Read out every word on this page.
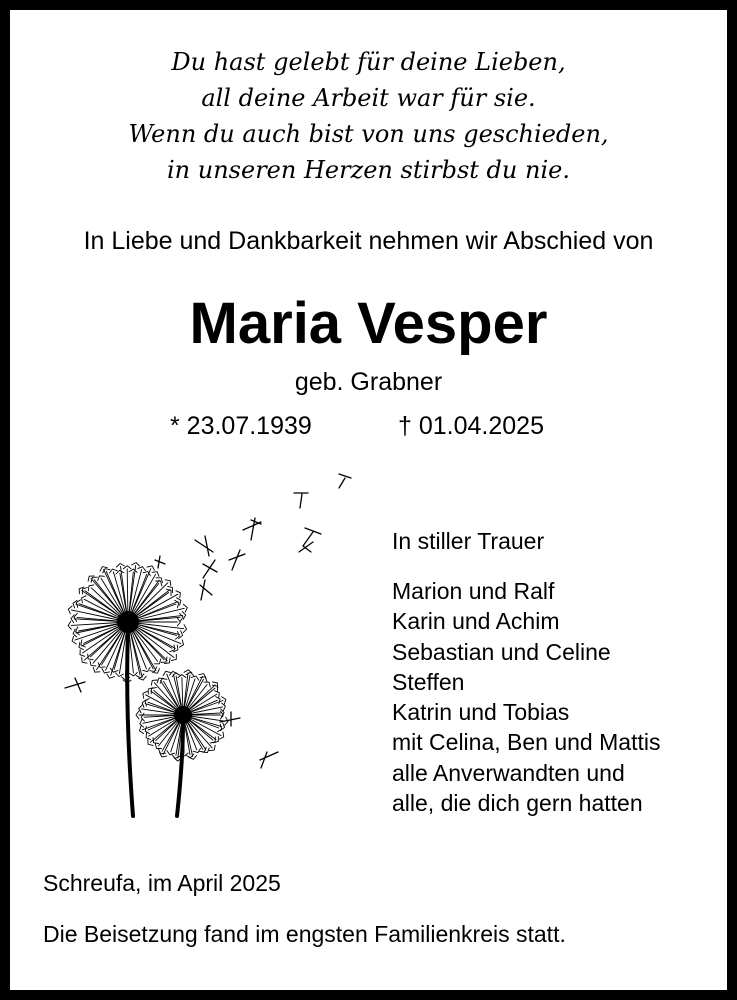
Du hast gelebt für deine Lieben,
all deine Arbeit war für sie.
Wenn du auch bist von uns geschieden,
in unseren Herzen stirbst du nie.
In Liebe und Dankbarkeit nehmen wir Abschied von
Maria Vesper
geb. Grabner
* 23.07.1939	† 01.04.2025
In stiller Trauer
Marion und Ralf
Karin und Achim
Sebastian und Celine
Steffen
Katrin und Tobias
mit Celina, Ben und Mattis
alle Anverwandten und
alle, die dich gern hatten
Schreufa, im April 2025
Die Beisetzung fand im engsten Familienkreis statt.
